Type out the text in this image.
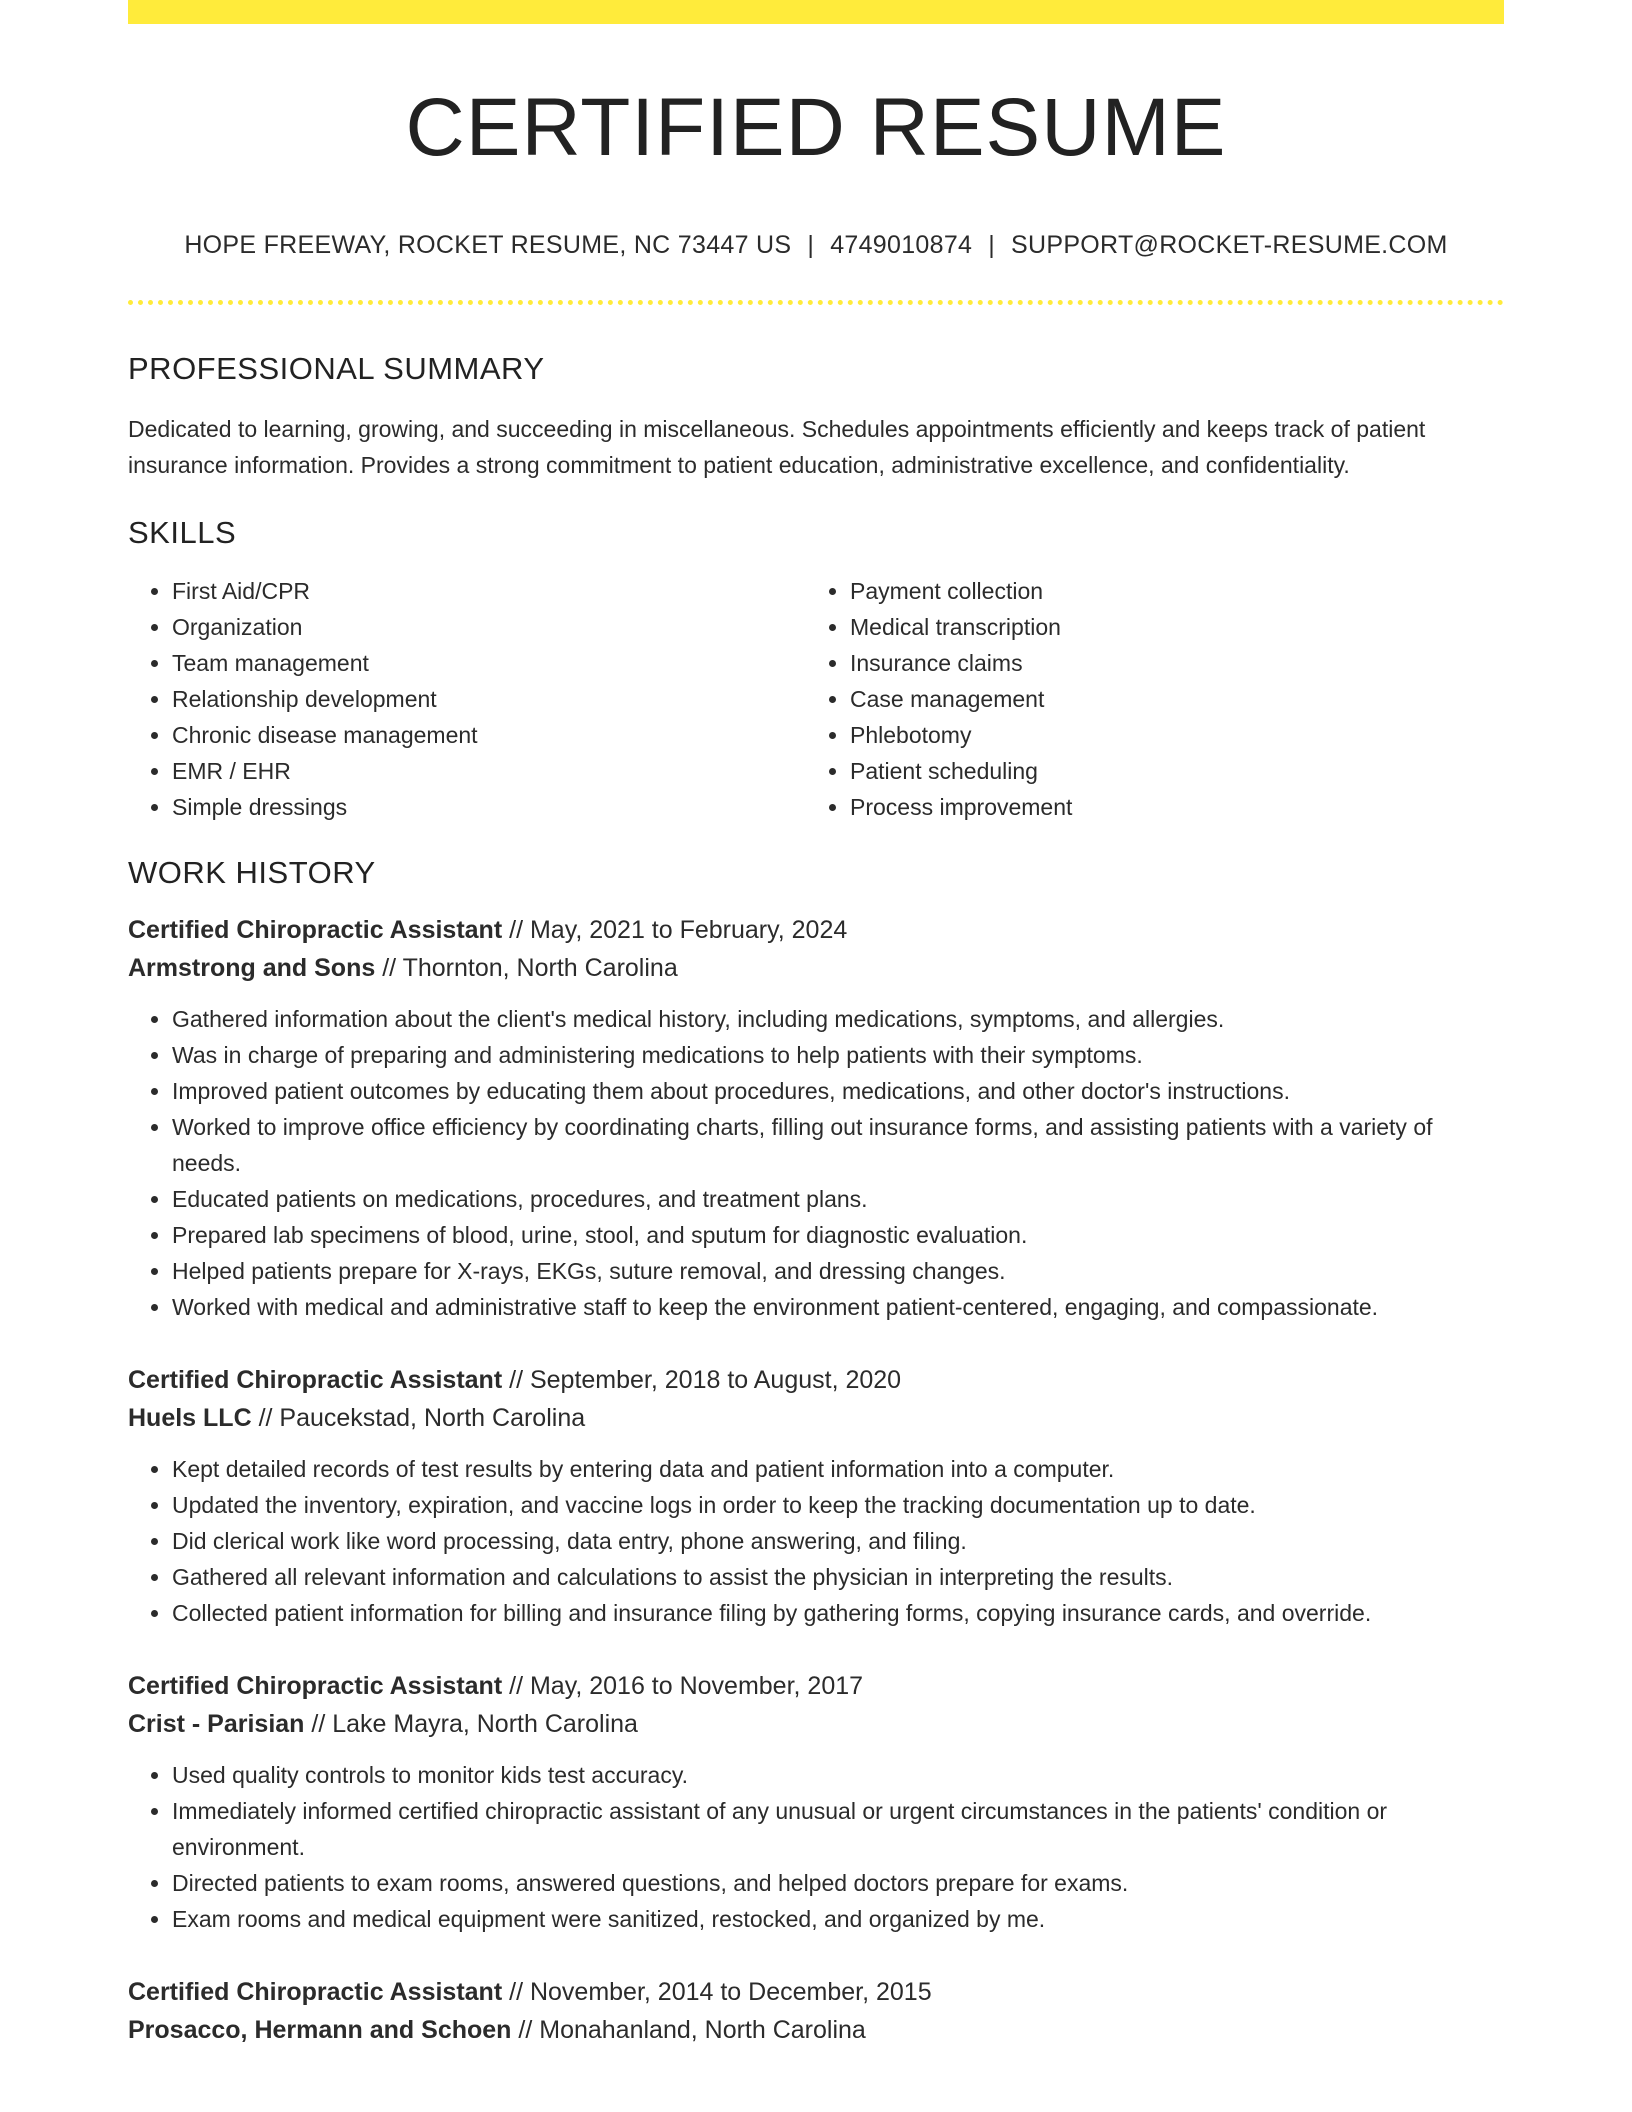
CERTIFIED RESUME
HOPE FREEWAY, ROCKET RESUME, NC 73447 US | 4749010874 | SUPPORT@ROCKET-RESUME.COM
PROFESSIONAL SUMMARY
Dedicated to learning, growing, and succeeding in miscellaneous. Schedules appointments efficiently and keeps track of patient insurance information. Provides a strong commitment to patient education, administrative excellence, and confidentiality.
SKILLS
• First Aid/CPR
• Organization
• Team management
• Relationship development
• Chronic disease management
• EMR / EHR
• Simple dressings
• Payment collection
• Medical transcription
• Insurance claims
• Case management
• Phlebotomy
• Patient scheduling
• Process improvement
WORK HISTORY
Certified Chiropractic Assistant // May, 2021 to February, 2024
Armstrong and Sons // Thornton, North Carolina
• Gathered information about the client's medical history, including medications, symptoms, and allergies.
• Was in charge of preparing and administering medications to help patients with their symptoms.
• Improved patient outcomes by educating them about procedures, medications, and other doctor's instructions.
• Worked to improve office efficiency by coordinating charts, filling out insurance forms, and assisting patients with a variety of needs.
• Educated patients on medications, procedures, and treatment plans.
• Prepared lab specimens of blood, urine, stool, and sputum for diagnostic evaluation.
• Helped patients prepare for X-rays, EKGs, suture removal, and dressing changes.
• Worked with medical and administrative staff to keep the environment patient-centered, engaging, and compassionate.
Certified Chiropractic Assistant // September, 2018 to August, 2020
Huels LLC // Paucekstad, North Carolina
• Kept detailed records of test results by entering data and patient information into a computer.
• Updated the inventory, expiration, and vaccine logs in order to keep the tracking documentation up to date.
• Did clerical work like word processing, data entry, phone answering, and filing.
• Gathered all relevant information and calculations to assist the physician in interpreting the results.
• Collected patient information for billing and insurance filing by gathering forms, copying insurance cards, and override.
Certified Chiropractic Assistant // May, 2016 to November, 2017
Crist - Parisian // Lake Mayra, North Carolina
• Used quality controls to monitor kids test accuracy.
• Immediately informed certified chiropractic assistant of any unusual or urgent circumstances in the patients' condition or environment.
• Directed patients to exam rooms, answered questions, and helped doctors prepare for exams.
• Exam rooms and medical equipment were sanitized, restocked, and organized by me.
Certified Chiropractic Assistant // November, 2014 to December, 2015
Prosacco, Hermann and Schoen // Monahanland, North Carolina
